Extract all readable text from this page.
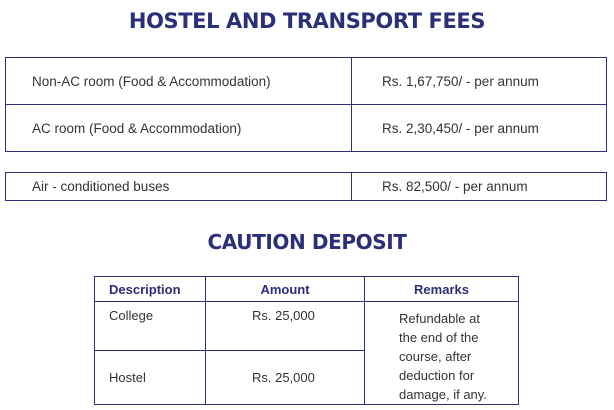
HOSTEL AND TRANSPORT FEES
Non-AC room (Food & Accommodation)	Rs. 1,67,750/ - per annum
AC room (Food & Accommodation)	Rs. 2,30,450/ - per annum
Air - conditioned buses	Rs. 82,500/ - per annum
CAUTION DEPOSIT
Description	Amount	Remarks
College	Rs. 25,000	Refundable at
the end of the
course, after
deduction for
damage, if any.

Hostel	Rs. 25,000	
